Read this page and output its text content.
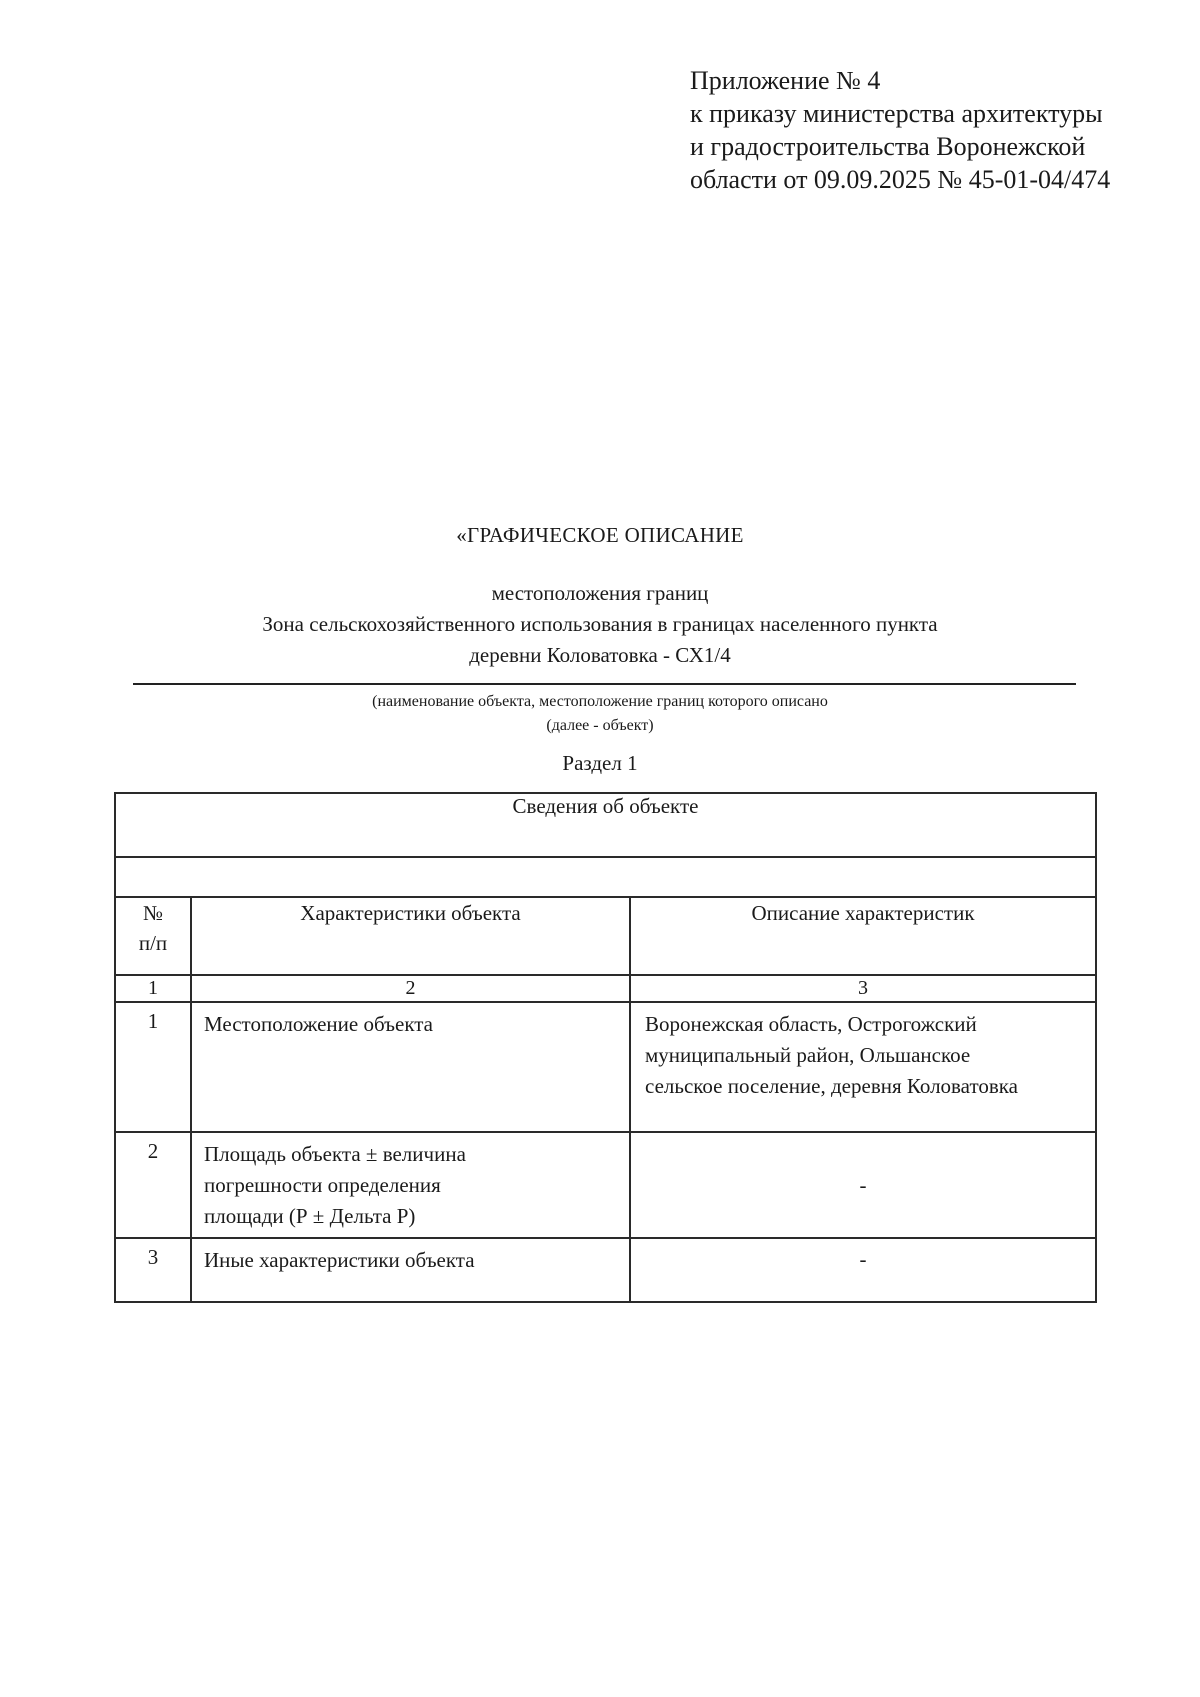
Приложение № 4
к приказу министерства архитектуры
и градостроительства Воронежской
области от 09.09.2025 № 45-01-04/474
«ГРАФИЧЕСКОЕ ОПИСАНИЕ
местоположения границ
Зона сельскохозяйственного использования в границах населенного пункта
деревни Коловатовка - СХ1/4
(наименование объекта, местоположение границ которого описано
(далее - объект)
Раздел 1
Сведения об объекте		

№
п/п	Характеристики объекта	Описание характеристик
1	2	3
1	Местоположение объекта	Воронежская область, Острогожский
муниципальный район, Ольшанское
сельское поселение, деревня Коловатовка

2	Площадь объекта ± величина
погрешности определения
площади (Р ± Дельта Р)	-
3	Иные характеристики объекта	-
